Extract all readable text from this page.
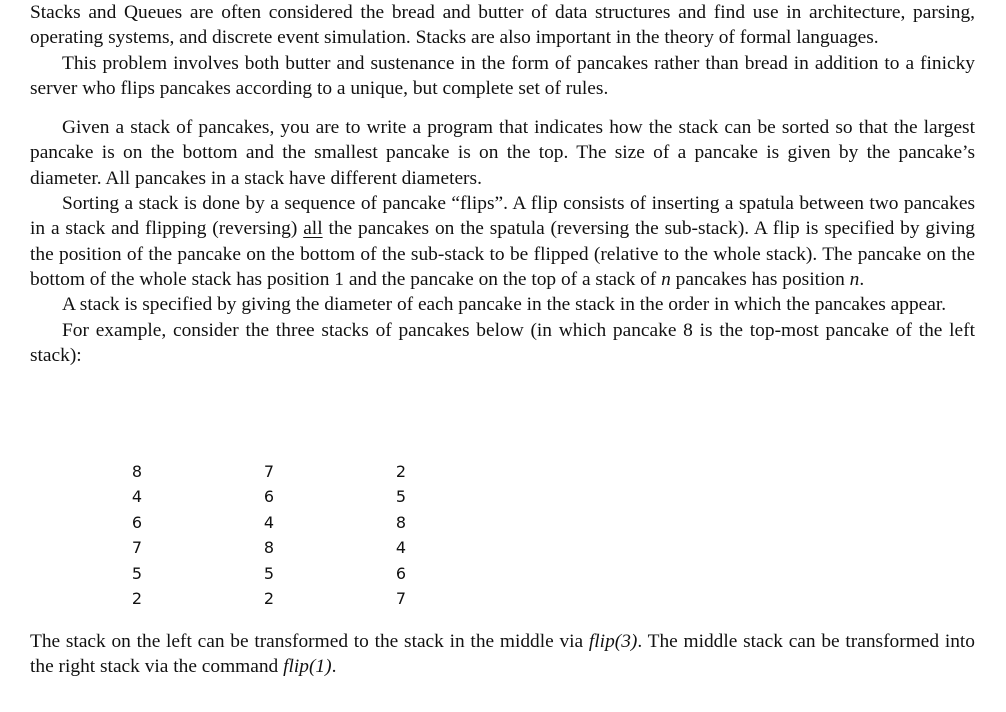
Stacks and Queues are often considered the bread and butter of data structures and find use in architecture, parsing, operating systems, and discrete event simulation. Stacks are also important in the theory of formal languages.

This problem involves both butter and sustenance in the form of pancakes rather than bread in addition to a finicky server who flips pancakes according to a unique, but complete set of rules.

Given a stack of pancakes, you are to write a program that indicates how the stack can be sorted so that the largest pancake is on the bottom and the smallest pancake is on the top. The size of a pancake is given by the pancake’s diameter. All pancakes in a stack have different diameters.

Sorting a stack is done by a sequence of pancake “flips”. A flip consists of inserting a spatula between two pancakes in a stack and flipping (reversing) all the pancakes on the spatula (reversing the sub-stack). A flip is specified by giving the position of the pancake on the bottom of the sub-stack to be flipped (relative to the whole stack). The pancake on the bottom of the whole stack has position 1 and the pancake on the top of a stack of n pancakes has position n.

A stack is specified by giving the diameter of each pancake in the stack in the order in which the pancakes appear.

For example, consider the three stacks of pancakes below (in which pancake 8 is the top-most pancake of the left stack):

8
4
6
7
5
2
7
6
4
8
5
2
2
5
8
4
6
7

The stack on the left can be transformed to the stack in the middle via flip(3). The middle stack can be transformed into the right stack via the command flip(1).
